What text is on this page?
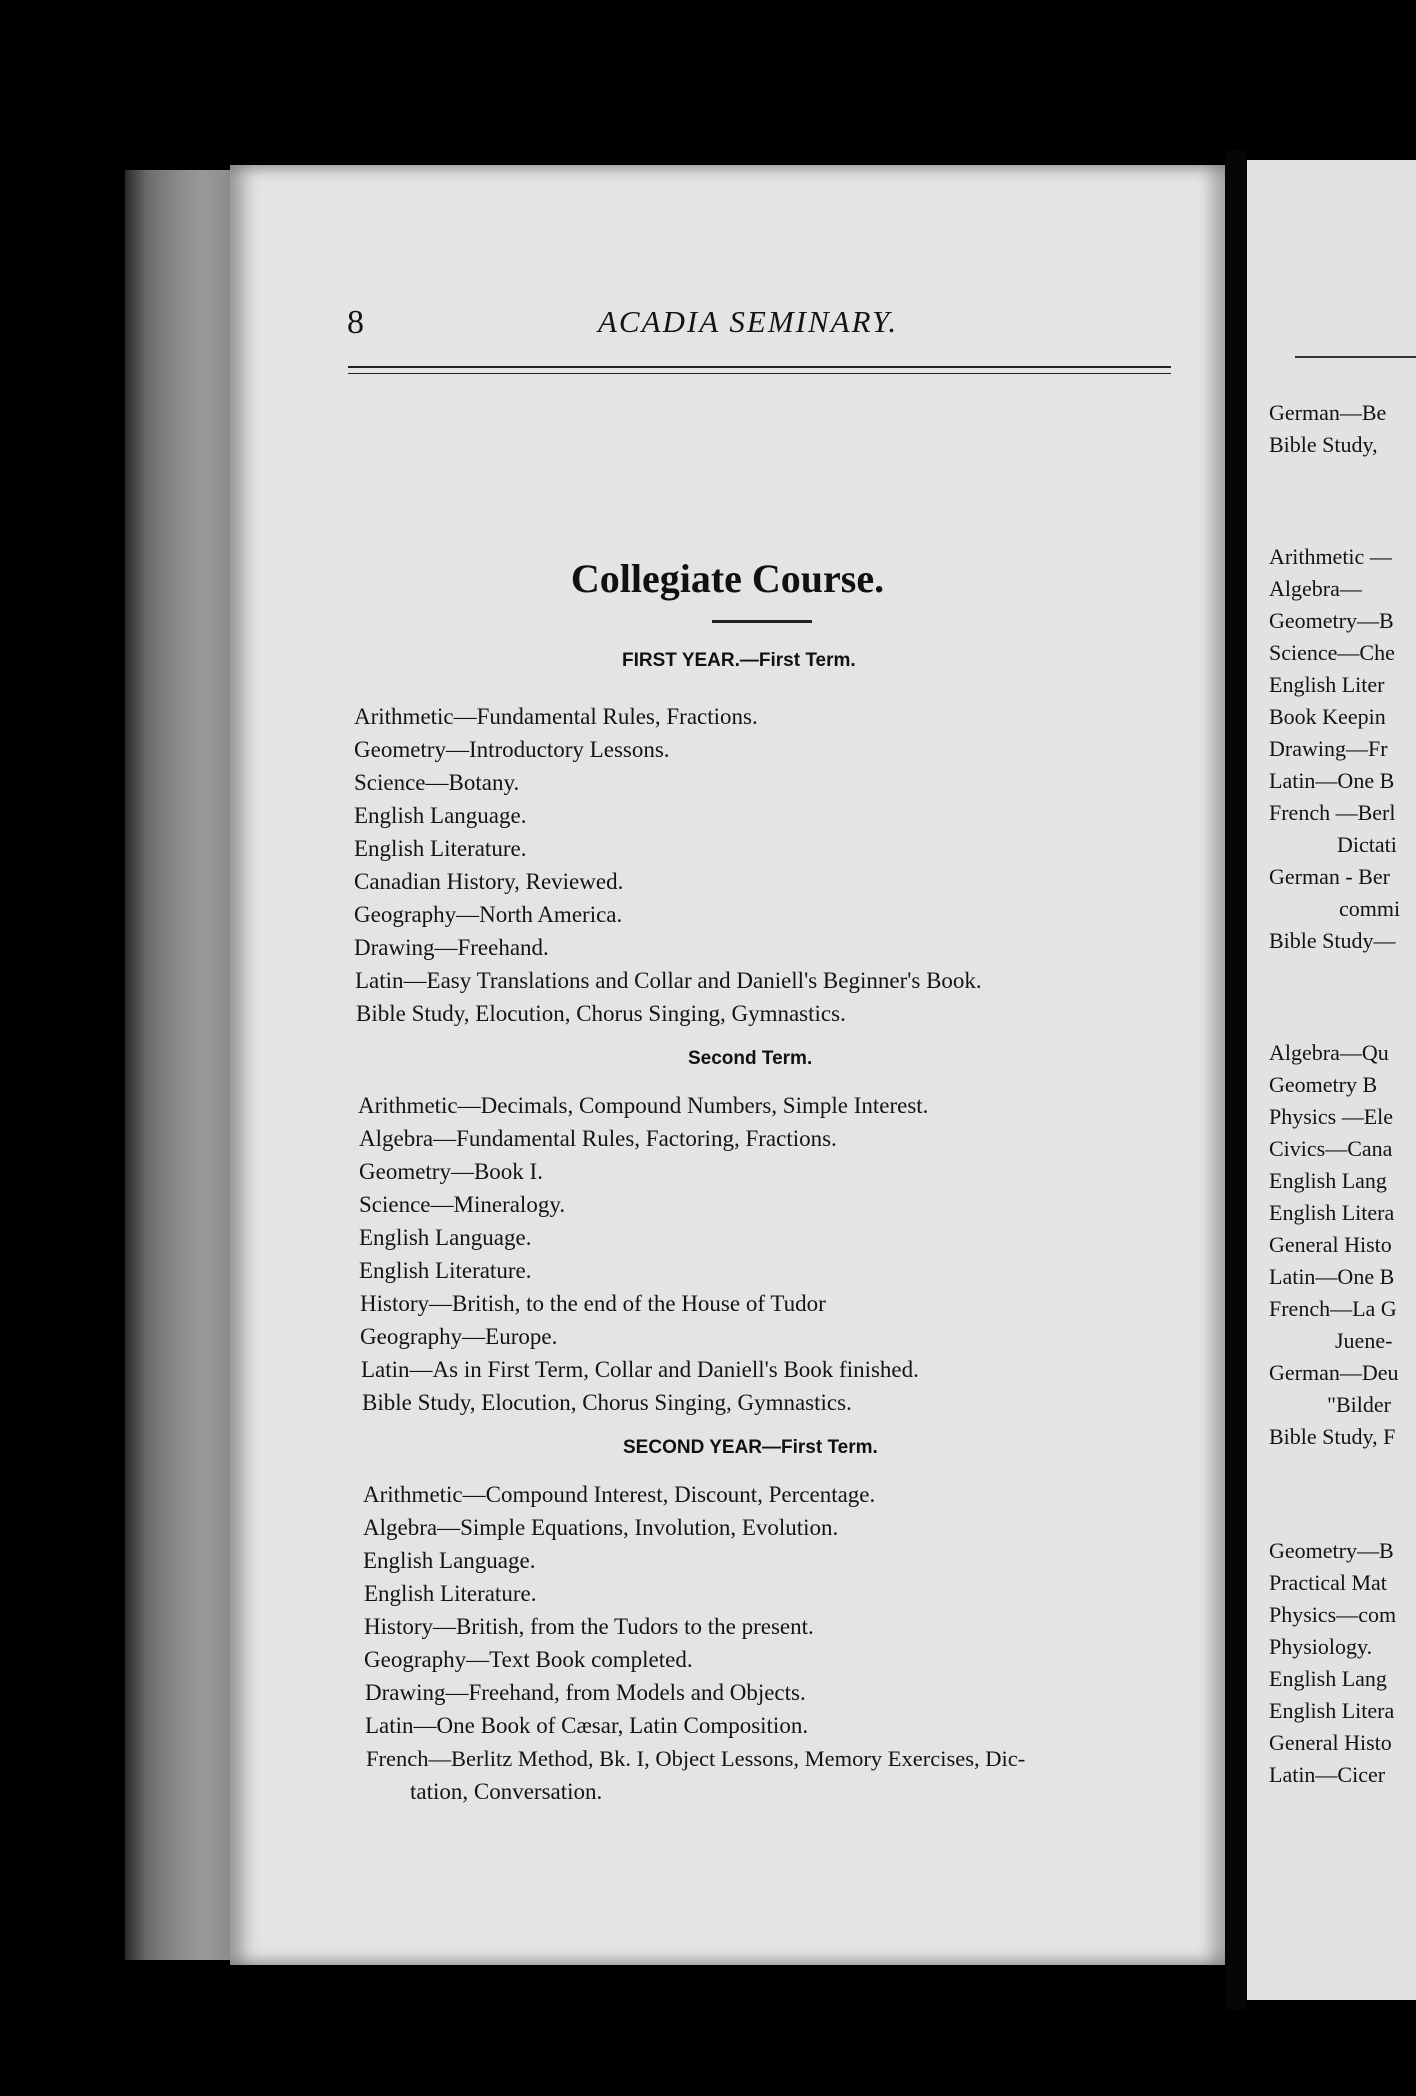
8	ACADIA SEMINARY.
Collegiate Course.
FIRST YEAR.—First Term.
Arithmetic—Fundamental Rules, Fractions.
Geometry—Introductory Lessons.
Science—Botany.
English Language.
English Literature.
Canadian History, Reviewed.
Geography—North America.
Drawing—Freehand.
Latin—Easy Translations and Collar and Daniell's Beginner's Book.
Bible Study, Elocution, Chorus Singing, Gymnastics.
Second Term.
Arithmetic—Decimals, Compound Numbers, Simple Interest.
Algebra—Fundamental Rules, Factoring, Fractions.
Geometry—Book I.
Science—Mineralogy.
English Language.
English Literature.
History—British, to the end of the House of Tudor
Geography—Europe.
Latin—As in First Term, Collar and Daniell's Book finished.
Bible Study, Elocution, Chorus Singing, Gymnastics.
SECOND YEAR—First Term.
Arithmetic—Compound Interest, Discount, Percentage.
Algebra—Simple Equations, Involution, Evolution.
English Language.
English Literature.
History—British, from the Tudors to the present.
Geography—Text Book completed.
Drawing—Freehand, from Models and Objects.
Latin—One Book of Cæsar, Latin Composition.
French—Berlitz Method, Bk. I, Object Lessons, Memory Exercises, Dic-
tation, Conversation.
German—Be
Bible Study,
Arithmetic —
Algebra—
Geometry—B
Science—Che
English Liter
Book Keepin
Drawing—Fr
Latin—One B
French —Berl
Dictati
German - Ber
commi
Bible Study—
Algebra—Qu
Geometry B
Physics —Ele
Civics—Cana
English Lang
English Litera
General Histo
Latin—One B
French—La G
Juene-
German—Deu
"Bilder
Bible Study, F
Geometry—B
Practical Mat
Physics—com
Physiology.
English Lang
English Litera
General Histo
Latin—Cicer
